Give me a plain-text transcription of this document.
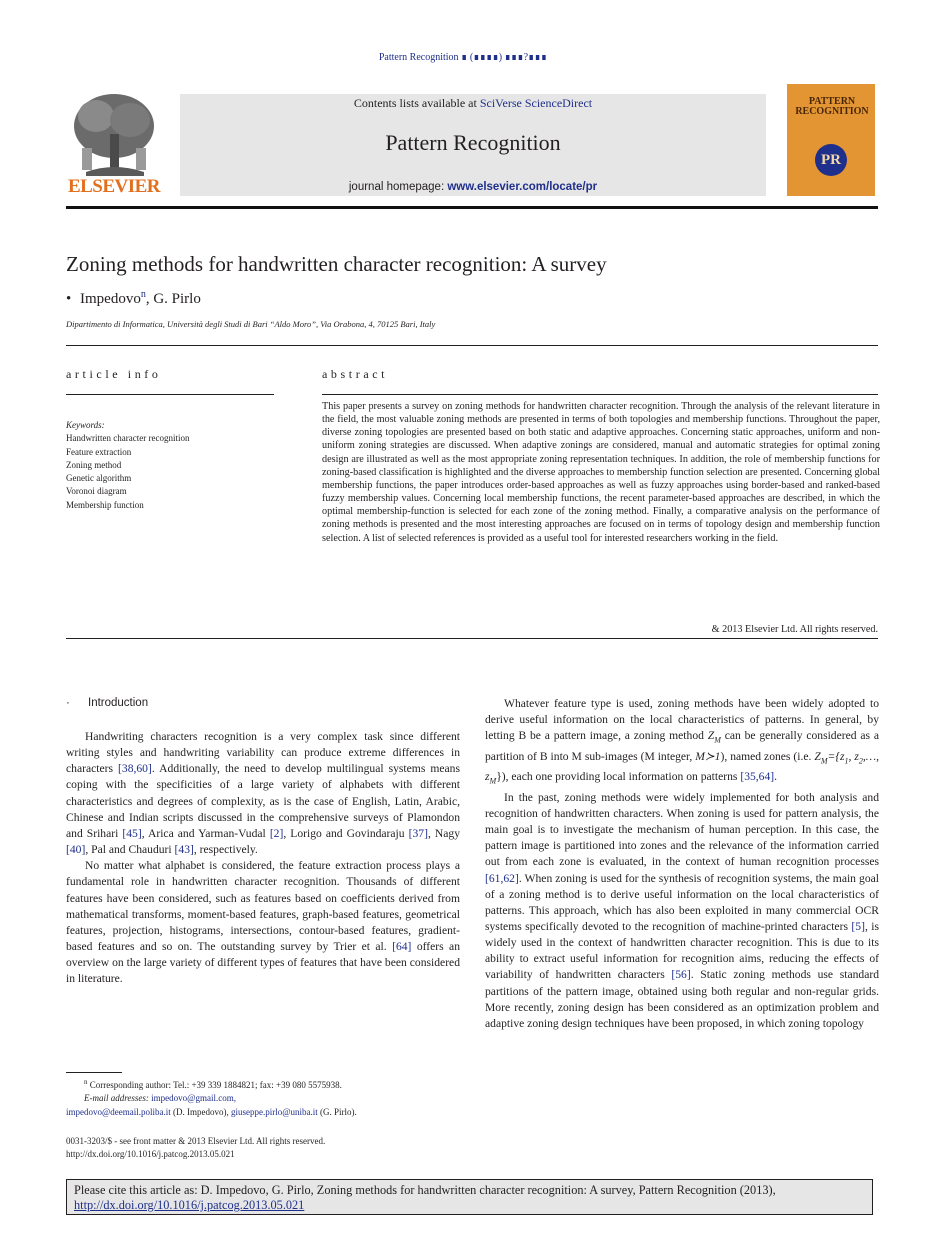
Pattern Recognition ∎ (∎∎∎∎) ∎∎∎?∎∎∎
ELSEVIER
Contents lists available at SciVerse ScienceDirect
Pattern Recognition
journal homepage: www.elsevier.com/locate/pr
PATTERN RECOGNITION
PR
Zoning methods for handwritten character recognition: A survey
• Impedovo$^n$, G. Pirlo
Dipartimento di Informatica, Università degli Studi di Bari “Aldo Moro”, Via Orabona, 4, 70125 Bari, Italy
article info	abstract
Keywords:
Handwritten character recognition
Feature extraction
Zoning method
Genetic algorithm
Voronoi diagram
Membership function
This paper presents a survey on zoning methods for handwritten character recognition. Through the analysis of the relevant literature in the field, the most valuable zoning methods are presented in terms of both topologies and membership functions. Throughout the paper, diverse zoning topologies are presented based on both static and adaptive approaches. Concerning static approaches, uniform and non-uniform zoning strategies are discussed. When adaptive zonings are considered, manual and automatic strategies for optimal zoning design are illustrated as well as the most appropriate zoning representation techniques. In addition, the role of membership functions for zoning-based classification is highlighted and the diverse approaches to membership function selection are presented. Concerning global membership functions, the paper introduces order-based approaches as well as fuzzy approaches using border-based and ranked-based fuzzy membership values. Concerning local membership functions, the recent parameter-based approaches are described, in which the optimal membership-function is selected for each zone of the zoning method. Finally, a comparative analysis on the performance of zoning methods is presented and the most interesting approaches are focused on in terms of topology design and membership function selection. A list of selected references is provided as a useful tool for interested researchers working in the field.
& 2013 Elsevier Ltd. All rights reserved.
· Introduction

Handwriting characters recognition is a very complex task since different writing styles and handwriting variability can produce extreme differences in characters [38,60]. Additionally, the need to develop multilingual systems means coping with the specificities of a large variety of alphabets with different characteristics and degrees of complexity, as is the case of English, Latin, Arabic, Chinese and Indian scripts discussed in the comprehensive surveys of Plamondon and Srihari [45], Arica and Yarman-Vudal [2], Lorigo and Govindaraju [37], Nagy [40], Pal and Chauduri [43], respectively.

No matter what alphabet is considered, the feature extraction process plays a fundamental role in handwritten character recognition. Thousands of different features have been considered, such as features based on coefficients derived from mathematical transforms, moment-based features, graph-based features, geometrical features, projection, histograms, intersections, contour-based features, gradient-based features and so on. The outstanding survey by Trier et al. [64] offers an overview on the large variety of different types of features that have been considered in literature.

Whatever feature type is used, zoning methods have been widely adopted to derive useful information on the local characteristics of patterns. In general, by letting B be a pattern image, a zoning method $Z_M$ can be generally considered as a partition of B into M sub-images (M integer, M≻1), named zones (i.e. $Z_M=\{z_1$, $z_2,\dots$, $z_M$}), each one providing local information on patterns [35,64].

In the past, zoning methods were widely implemented for both analysis and recognition of handwritten characters. When zoning is used for pattern analysis, the main goal is to investigate the mechanism of human perception. In this case, the pattern image is partitioned into zones and the relevance of the information carried out from each zone is evaluated, in the context of human recognition processes [61,62]. When zoning is used for the synthesis of recognition systems, the main goal of a zoning method is to derive useful information on the local characteristics of patterns. This approach, which has also been exploited in many commercial OCR systems specifically devoted to the recognition of machine-printed characters [5], is widely used in the context of handwritten character recognition. This is due to its ability to extract useful information for recognition aims, reducing the effects of variability of handwritten characters [56]. Static zoning methods use standard partitions of the pattern image, obtained using both regular and non-regular grids. More recently, zoning design has been considered as an optimization problem and adaptive zoning design techniques have been proposed, in which zoning topology

$^n$ Corresponding author: Tel.: +39 339 1884821; fax: +39 080 5575938.
E-mail addresses: impedovo@gmail.com,
impedovo@deemail.poliba.it (D. Impedovo), giuseppe.pirlo@uniba.it (G. Pirlo).
0031-3203/$ - see front matter & 2013 Elsevier Ltd. All rights reserved.
http://dx.doi.org/10.1016/j.patcog.2013.05.021
Please cite this article as: D. Impedovo, G. Pirlo, Zoning methods for handwritten character recognition: A survey, Pattern Recognition (2013), http://dx.doi.org/10.1016/j.patcog.2013.05.021
